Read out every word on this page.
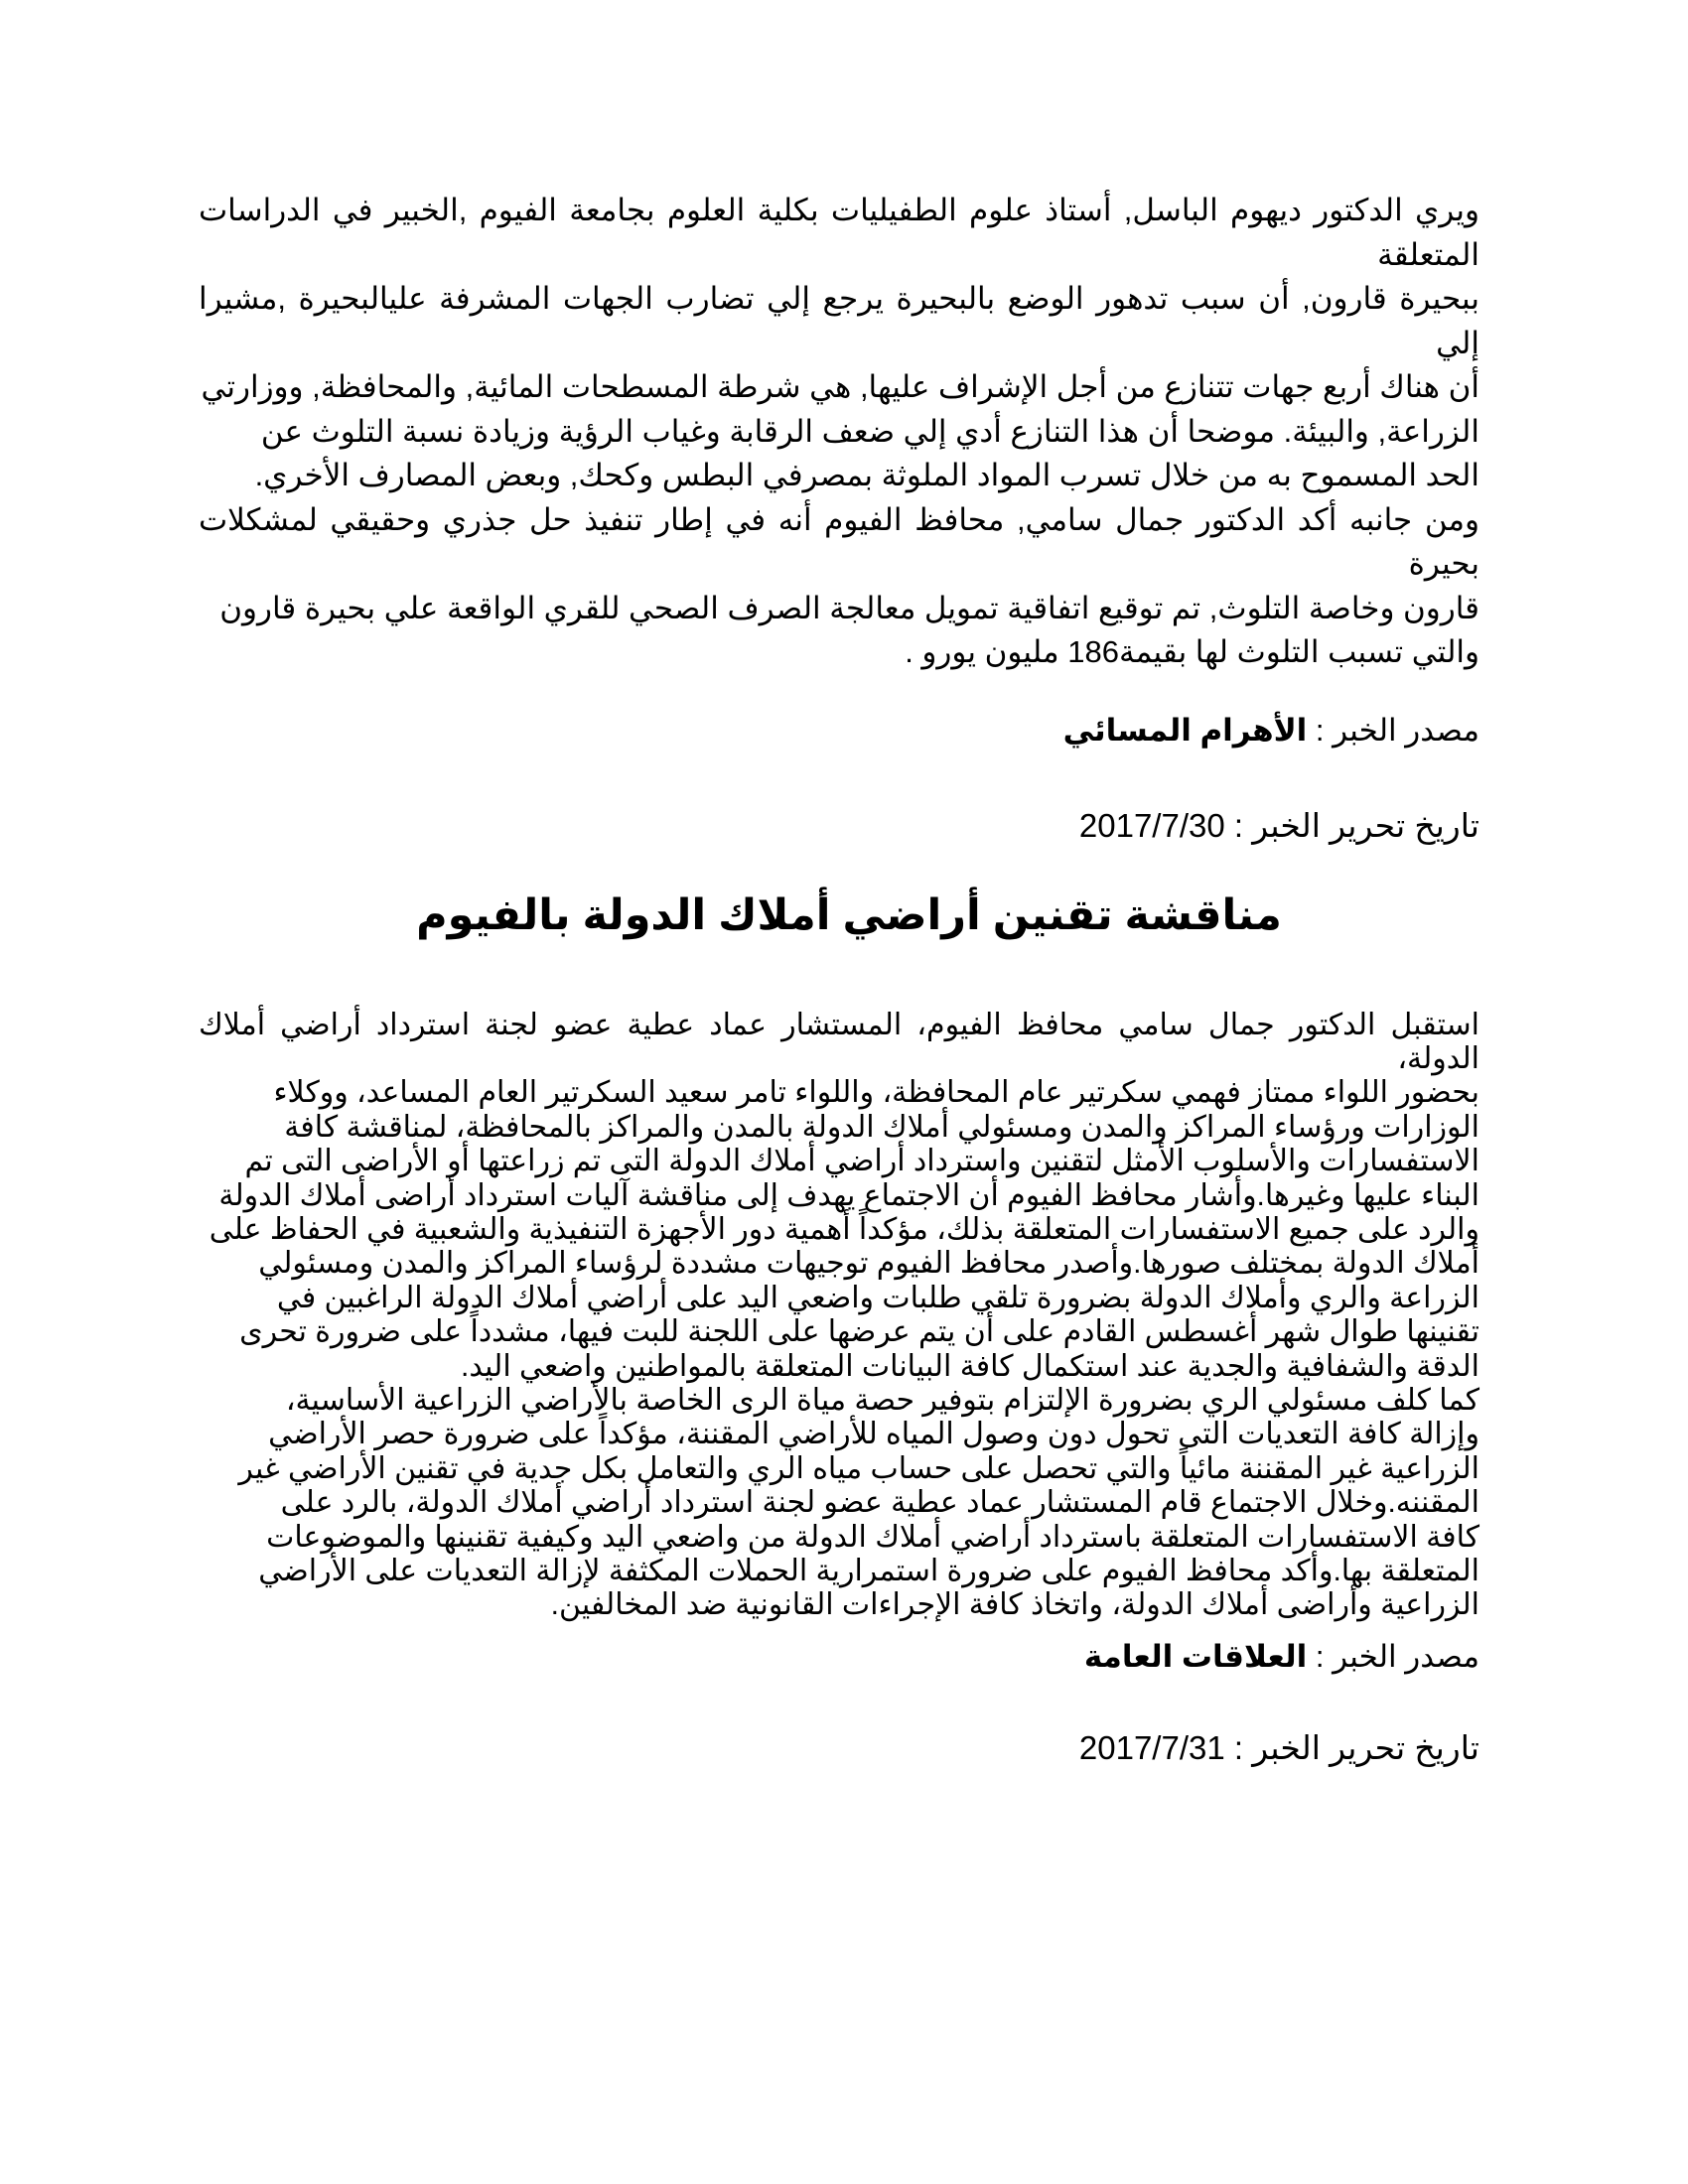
ويري الدكتور ديهوم الباسل, أستاذ علوم الطفيليات بكلية العلوم بجامعة الفيوم ,الخبير في الدراسات المتعلقة
ببحيرة قارون, أن سبب تدهور الوضع بالبحيرة يرجع إلي تضارب الجهات المشرفة عليالبحيرة ,مشيرا إلي
أن هناك أربع جهات تتنازع من أجل الإشراف عليها, هي شرطة المسطحات المائية, والمحافظة, ووزارتي
الزراعة, والبيئة. موضحا أن هذا التنازع أدي إلي ضعف الرقابة وغياب الرؤية وزيادة نسبة التلوث عن
الحد المسموح به من خلال تسرب المواد الملوثة بمصرفي البطس وكحك, وبعض المصارف الأخري.
ومن جانبه أكد الدكتور جمال سامي, محافظ الفيوم أنه في إطار تنفيذ حل جذري وحقيقي لمشكلات بحيرة
قارون وخاصة التلوث, تم توقيع اتفاقية تمويل معالجة الصرف الصحي للقري الواقعة علي بحيرة قارون
والتي تسبب التلوث لها بقيمة186 مليون يورو .

مصدر الخبر : الأهرام المسائي

تاريخ تحرير الخبر : 2017/7/30

مناقشة تقنين أراضي أملاك الدولة بالفيوم

استقبل الدكتور جمال سامي محافظ الفيوم، المستشار عماد عطية عضو لجنة استرداد أراضي أملاك الدولة،
بحضور اللواء ممتاز فهمي سكرتير عام المحافظة، واللواء تامر سعيد السكرتير العام المساعد، ووكلاء
الوزارات ورؤساء المراكز والمدن ومسئولي أملاك الدولة بالمدن والمراكز بالمحافظة، لمناقشة كافة
الاستفسارات والأسلوب الأمثل لتقنين واسترداد أراضي أملاك الدولة التى تم زراعتها أو الأراضى التى تم
البناء عليها وغيرها.وأشار محافظ الفيوم أن الاجتماع يهدف إلى مناقشة آليات استرداد أراضى أملاك الدولة
والرد على جميع الاستفسارات المتعلقة بذلك، مؤكداً أهمية دور الأجهزة التنفيذية والشعبية في الحفاظ على
أملاك الدولة بمختلف صورها.وأصدر محافظ الفيوم توجيهات مشددة لرؤساء المراكز والمدن ومسئولي
الزراعة والري وأملاك الدولة بضرورة تلقي طلبات واضعي اليد على أراضي أملاك الدولة الراغبين في
تقنينها طوال شهر أغسطس القادم على أن يتم عرضها على اللجنة للبت فيها، مشدداً على ضرورة تحرى
الدقة والشفافية والجدية عند استكمال كافة البيانات المتعلقة بالمواطنين واضعي اليد.
كما كلف مسئولي الري بضرورة الإلتزام بتوفير حصة مياة الرى الخاصة بالأراضي الزراعية الأساسية،
وإزالة كافة التعديات التى تحول دون وصول المياه للأراضي المقننة، مؤكداً على ضرورة حصر الأراضي
الزراعية غير المقننة مائياً والتي تحصل على حساب مياه الري والتعامل بكل جدية في تقنين الأراضي غير
المقننه.وخلال الاجتماع قام المستشار عماد عطية عضو لجنة استرداد أراضي أملاك الدولة، بالرد على
كافة الاستفسارات المتعلقة باسترداد أراضي أملاك الدولة من واضعي اليد وكيفية تقنينها والموضوعات
المتعلقة بها.وأكد محافظ الفيوم على ضرورة استمرارية الحملات المكثفة لإزالة التعديات على الأراضي
الزراعية وأراضى أملاك الدولة، واتخاذ كافة الإجراءات القانونية ضد المخالفين.

مصدر الخبر : العلاقات العامة

تاريخ تحرير الخبر : 2017/7/31
